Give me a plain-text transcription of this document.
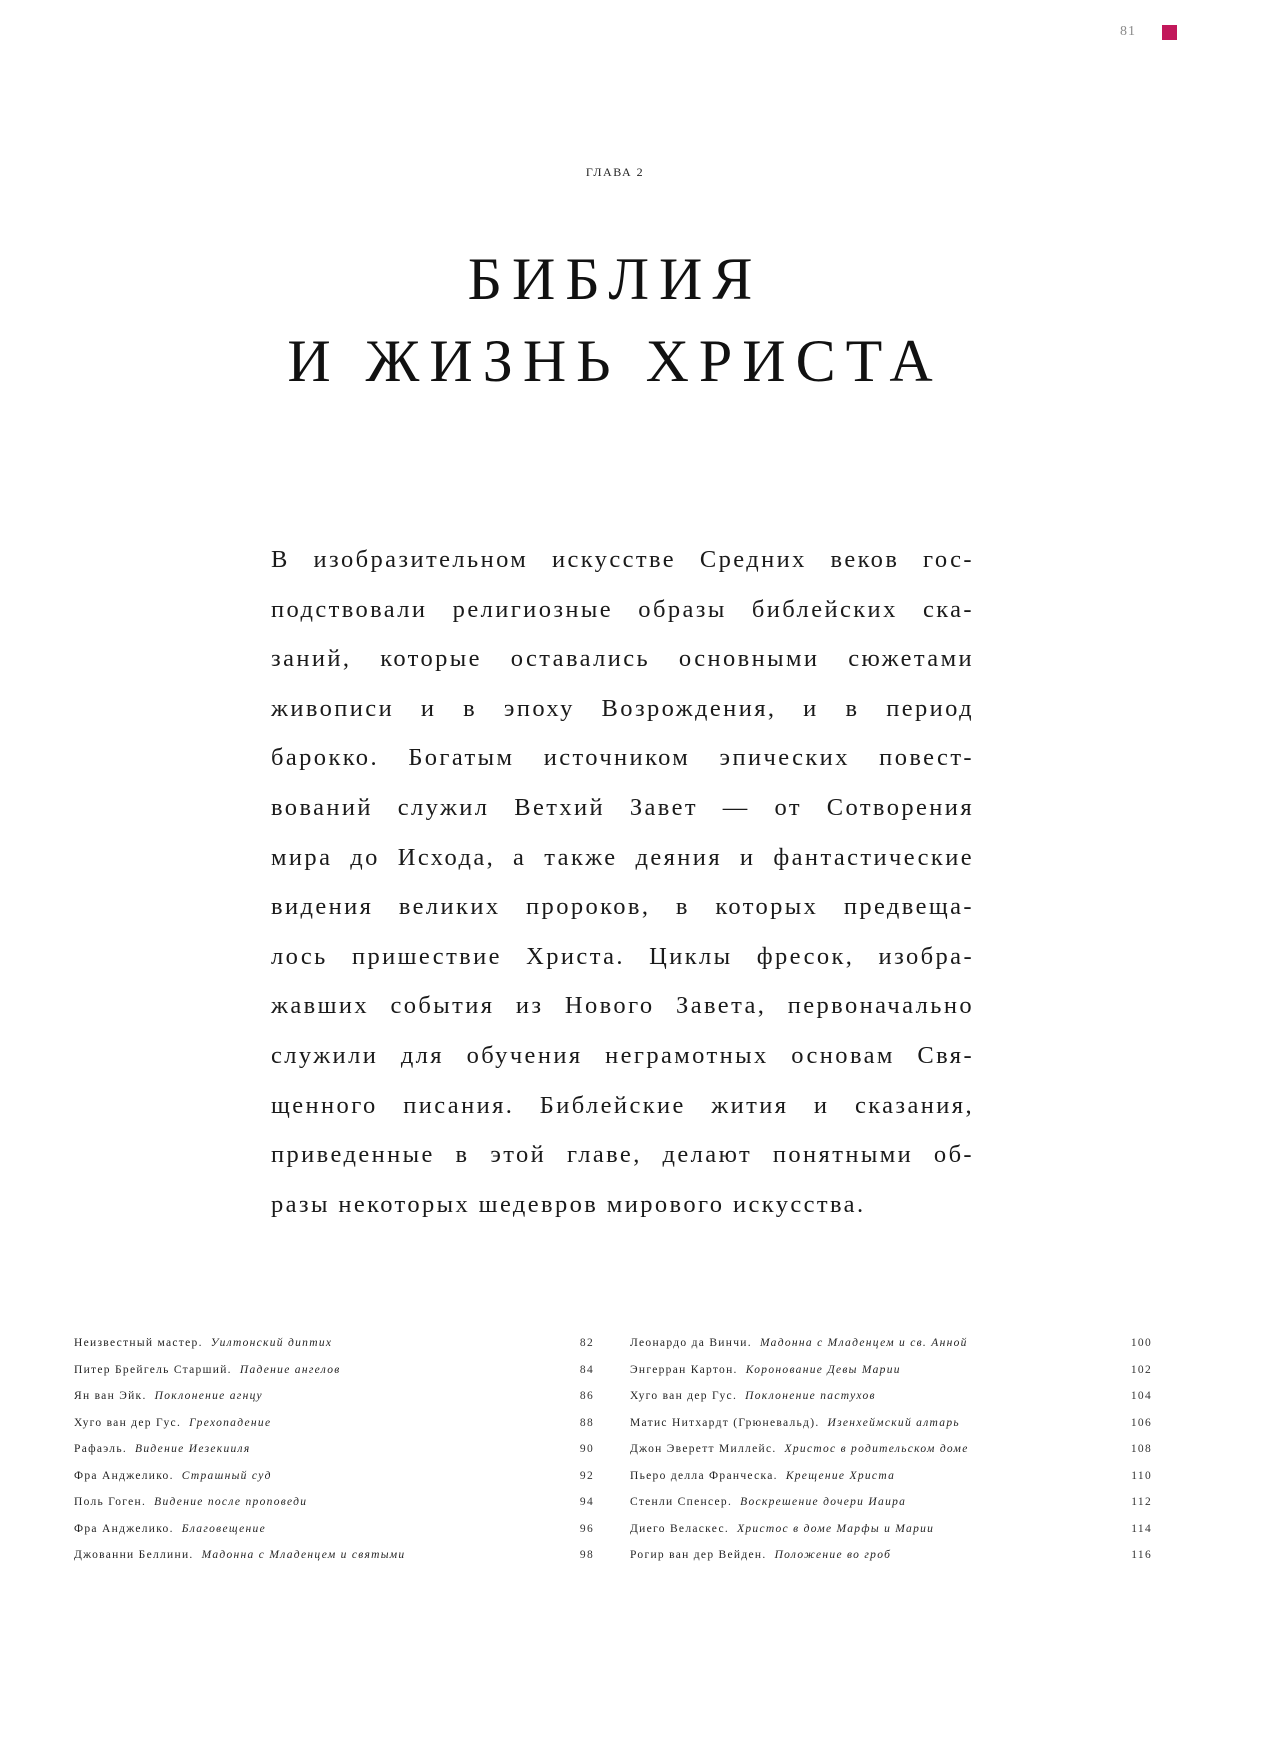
81
ГЛАВА 2
БИБЛИЯ
И ЖИЗНЬ ХРИСТА

В изобразительном искусстве Средних веков гос-
подствовали религиозные образы библейских ска-
заний, которые оставались основными сюжетами
живописи и в эпоху Возрождения, и в период
барокко. Богатым источником эпических повест-
вований служил Ветхий Завет — от Сотворения
мира до Исхода, а также деяния и фантастические
видения великих пророков, в которых предвеща-
лось пришествие Христа. Циклы фресок, изобра-
жавших события из Нового Завета, первоначально
служили для обучения неграмотных основам Свя-
щенного писания. Библейские жития и сказания,
приведенные в этой главе, делают понятными об-
разы некоторых шедевров мирового искусства.

Неизвестный мастер. Уилтонский диптих	82
Питер Брейгель Старший. Падение ангелов	84
Ян ван Эйк. Поклонение агнцу	86
Хуго ван дер Гус. Грехопадение	88
Рафаэль. Видение Иезекииля	90
Фра Анджелико. Страшный суд	92
Поль Гоген. Видение после проповеди	94
Фра Анджелико. Благовещение	96
Джованни Беллини. Мадонна с Младенцем и святыми	98
Леонардо да Винчи. Мадонна с Младенцем и св. Анной	100
Энгерран Картон. Коронование Девы Марии	102
Хуго ван дер Гус. Поклонение пастухов	104
Матис Нитхардт (Грюневальд). Изенхеймский алтарь	106
Джон Эверетт Миллейс. Христос в родительском доме	108
Пьеро делла Франческа. Крещение Христа	110
Стенли Спенсер. Воскрешение дочери Иаира	112
Диего Веласкес. Христос в доме Марфы и Марии	114
Рогир ван дер Вейден. Положение во гроб	116
